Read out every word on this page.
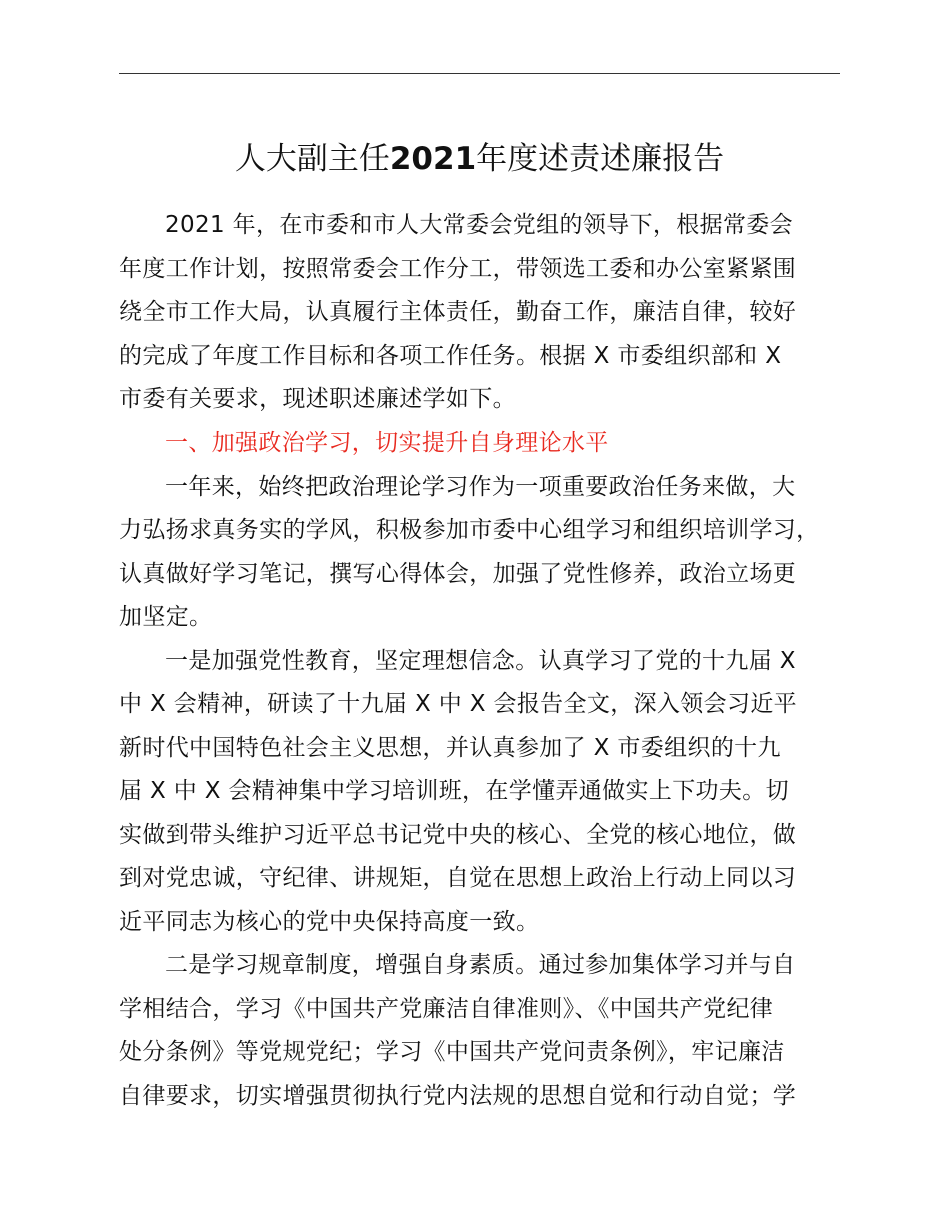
人大副主任2021年度述责述廉报告
2021 年，在市委和市人大常委会党组的领导下，根据常委会
年度工作计划，按照常委会工作分工，带领选工委和办公室紧紧围
绕全市工作大局，认真履行主体责任，勤奋工作，廉洁自律，较好
的完成了年度工作目标和各项工作任务。根据 X 市委组织部和 X
市委有关要求，现述职述廉述学如下。
一、加强政治学习，切实提升自身理论水平
一年来，始终把政治理论学习作为一项重要政治任务来做，大
力弘扬求真务实的学风，积极参加市委中心组学习和组织培训学习，
认真做好学习笔记，撰写心得体会，加强了党性修养，政治立场更
加坚定。
一是加强党性教育，坚定理想信念。认真学习了党的十九届 X
中 X 会精神，研读了十九届 X 中 X 会报告全文，深入领会习近平
新时代中国特色社会主义思想，并认真参加了 X 市委组织的十九
届 X 中 X 会精神集中学习培训班，在学懂弄通做实上下功夫。切
实做到带头维护习近平总书记党中央的核心、全党的核心地位，做
到对党忠诚，守纪律、讲规矩，自觉在思想上政治上行动上同以习
近平同志为核心的党中央保持高度一致。
二是学习规章制度，增强自身素质。通过参加集体学习并与自
学相结合，学习《中国共产党廉洁自律准则》、《中国共产党纪律
处分条例》等党规党纪；学习《中国共产党问责条例》，牢记廉洁
自律要求，切实增强贯彻执行党内法规的思想自觉和行动自觉；学
